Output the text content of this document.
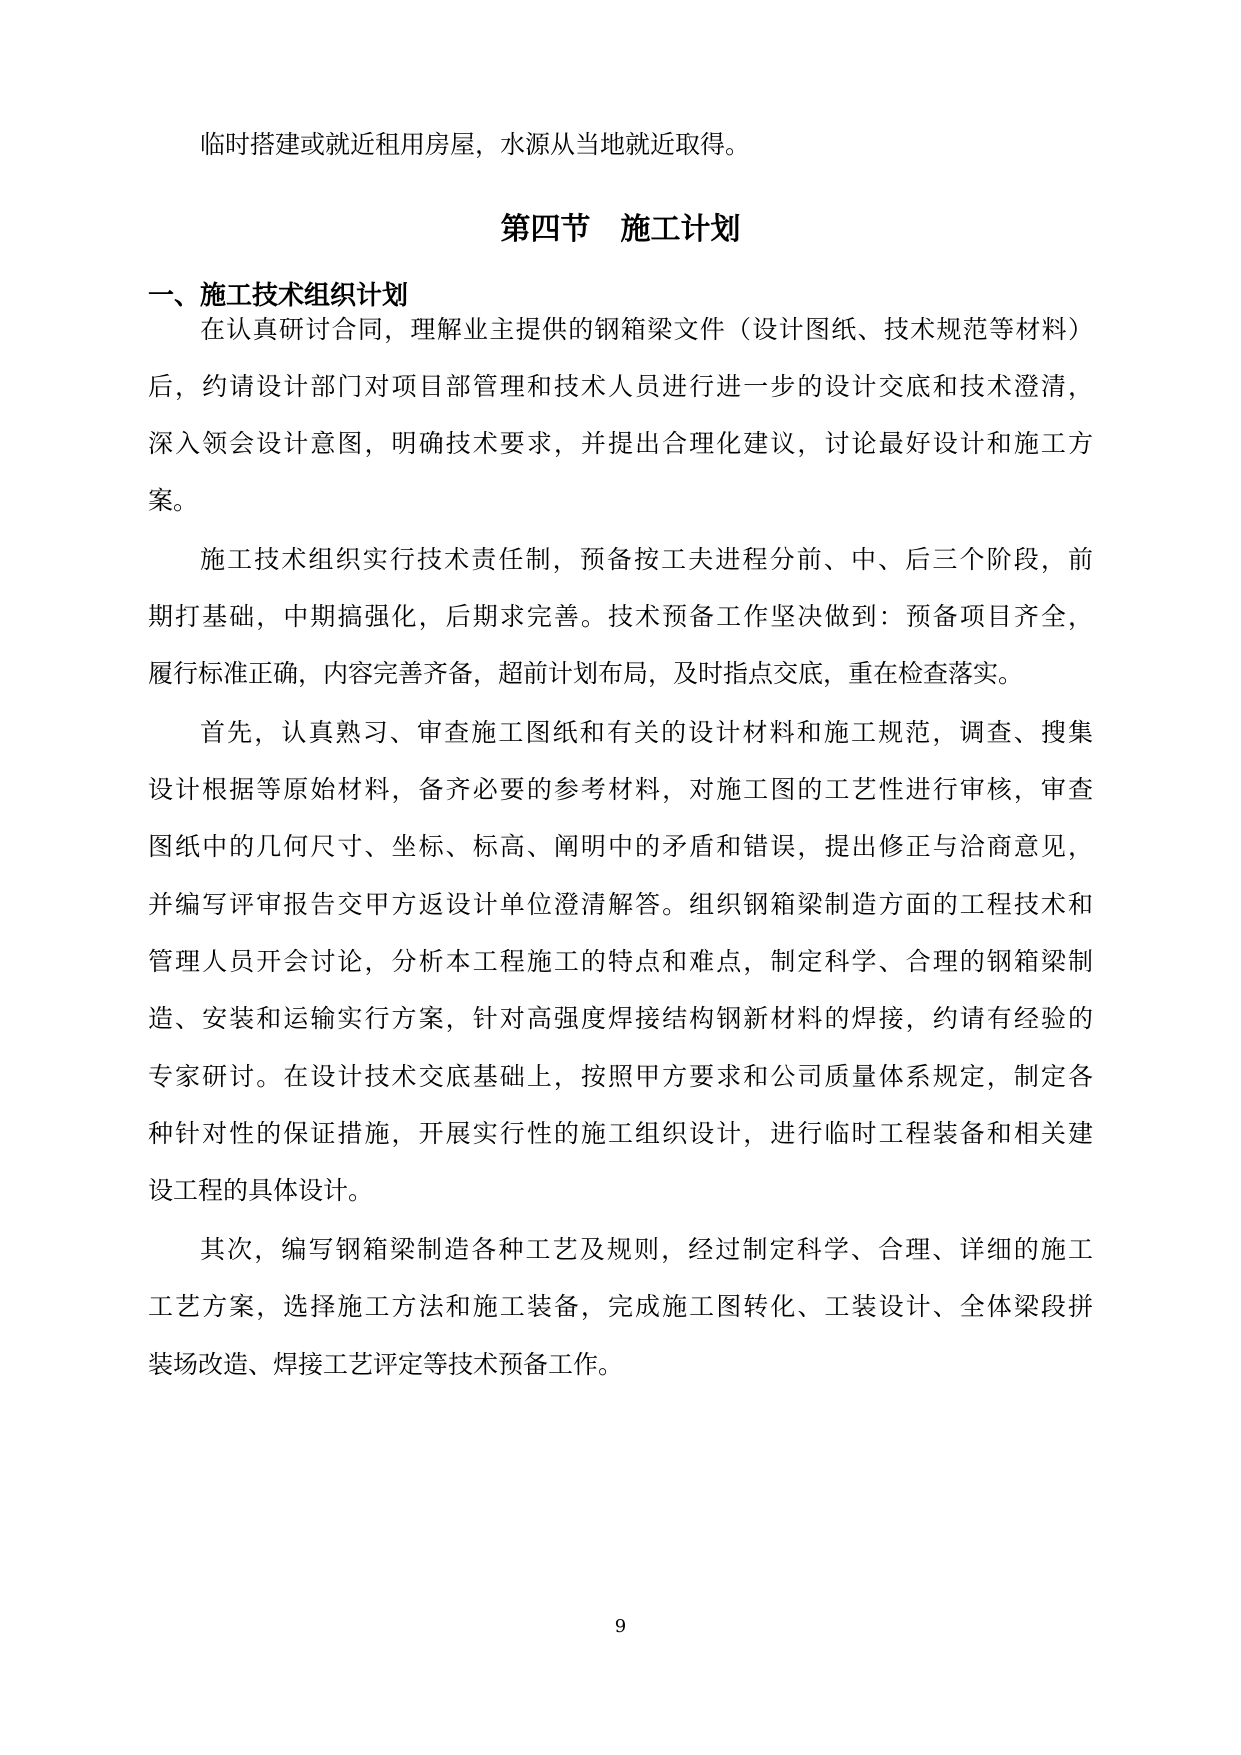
临时搭建或就近租用房屋，水源从当地就近取得。
第四节　施工计划
一、施工技术组织计划
在认真研讨合同，理解业主提供的钢箱梁文件（设计图纸、技术规范等材料）
后，约请设计部门对项目部管理和技术人员进行进一步的设计交底和技术澄清，
深入领会设计意图，明确技术要求，并提出合理化建议，讨论最好设计和施工方
案。
施工技术组织实行技术责任制，预备按工夫进程分前、中、后三个阶段，前
期打基础，中期搞强化，后期求完善。技术预备工作坚决做到：预备项目齐全，
履行标准正确，内容完善齐备，超前计划布局，及时指点交底，重在检查落实。
首先，认真熟习、审查施工图纸和有关的设计材料和施工规范，调查、搜集
设计根据等原始材料，备齐必要的参考材料，对施工图的工艺性进行审核，审查
图纸中的几何尺寸、坐标、标高、阐明中的矛盾和错误，提出修正与洽商意见，
并编写评审报告交甲方返设计单位澄清解答。组织钢箱梁制造方面的工程技术和
管理人员开会讨论，分析本工程施工的特点和难点，制定科学、合理的钢箱梁制
造、安装和运输实行方案，针对高强度焊接结构钢新材料的焊接，约请有经验的
专家研讨。在设计技术交底基础上，按照甲方要求和公司质量体系规定，制定各
种针对性的保证措施，开展实行性的施工组织设计，进行临时工程装备和相关建
设工程的具体设计。
其次，编写钢箱梁制造各种工艺及规则，经过制定科学、合理、详细的施工
工艺方案，选择施工方法和施工装备，完成施工图转化、工装设计、全体梁段拼
装场改造、焊接工艺评定等技术预备工作。
9
